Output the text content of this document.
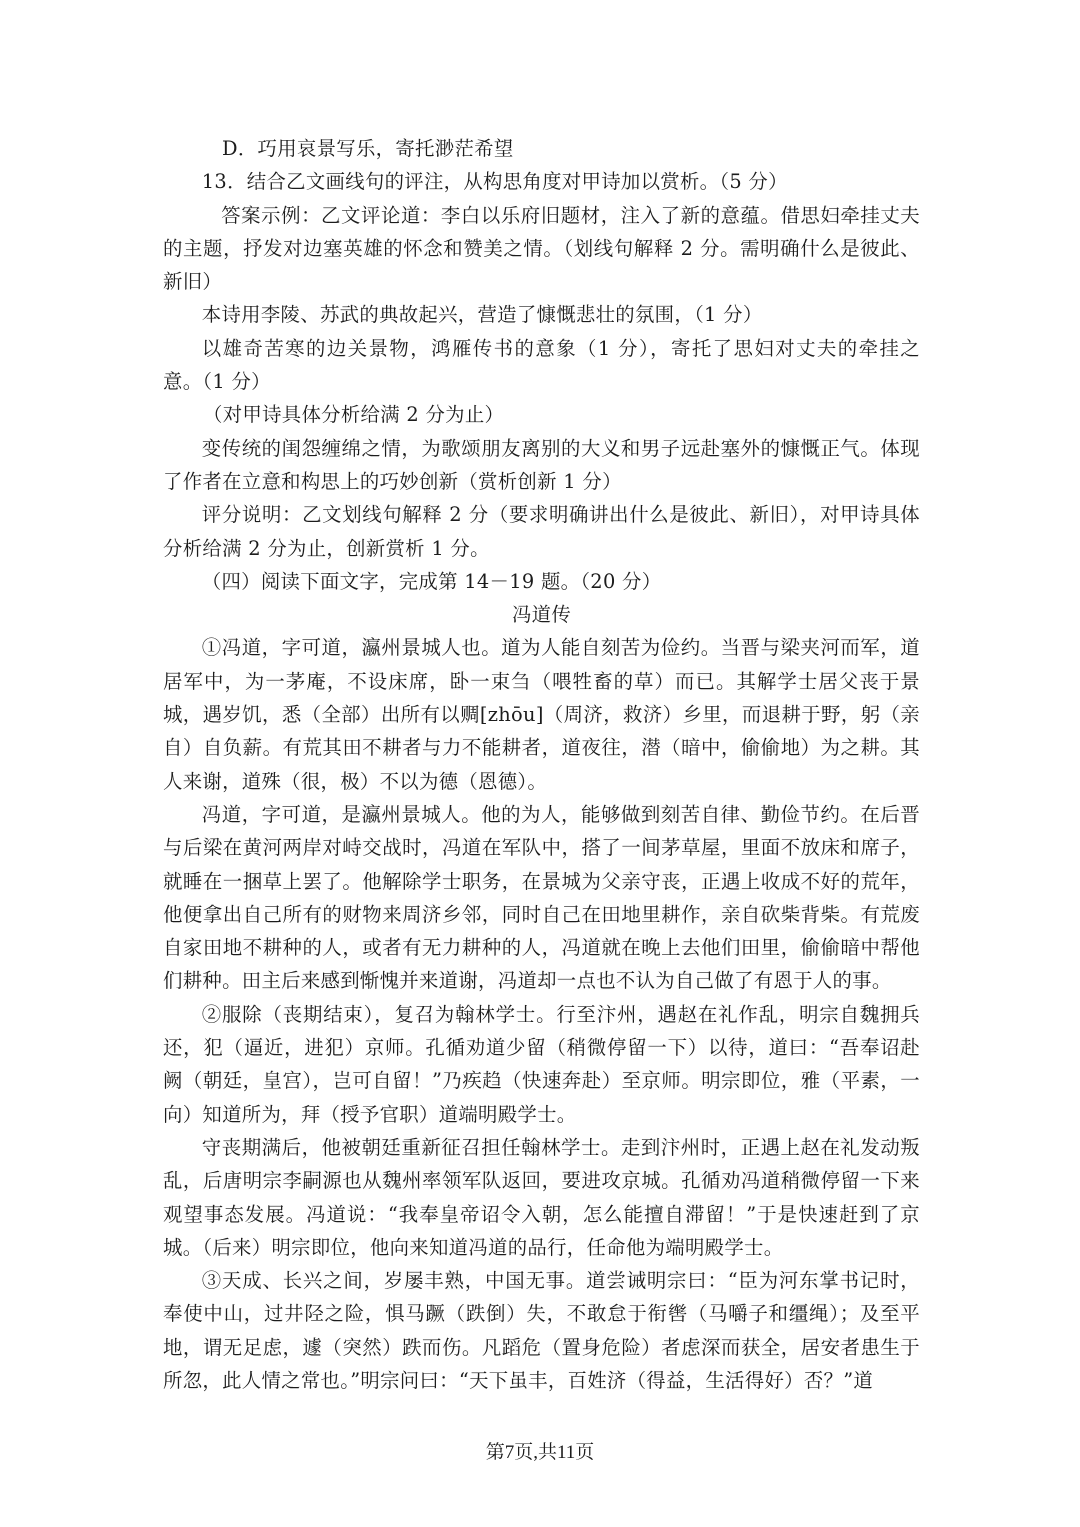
D．巧用哀景写乐，寄托渺茫希望

13．结合乙文画线句的评注，从构思角度对甲诗加以赏析。（5 分）

答案示例：乙文评论道：李白以乐府旧题材，注入了新的意蕴。借思妇牵挂丈夫的主题，抒发对边塞英雄的怀念和赞美之情。（划线句解释 2 分。需明确什么是彼此、新旧）

本诗用李陵、苏武的典故起兴，营造了慷慨悲壮的氛围，（1 分）

以雄奇苦寒的边关景物，鸿雁传书的意象（1 分），寄托了思妇对丈夫的牵挂之意。（1 分）

（对甲诗具体分析给满 2 分为止）

变传统的闺怨缠绵之情，为歌颂朋友离别的大义和男子远赴塞外的慷慨正气。体现了作者在立意和构思上的巧妙创新（赏析创新 1 分）

评分说明：乙文划线句解释 2 分（要求明确讲出什么是彼此、新旧），对甲诗具体分析给满 2 分为止，创新赏析 1 分。

（四）阅读下面文字，完成第 14－19 题。（20 分）

冯道传

①冯道，字可道，瀛州景城人也。道为人能自刻苦为俭约。当晋与梁夹河而军，道居军中，为一茅庵，不设床席，卧一束刍（喂牲畜的草）而已。其解学士居父丧于景城，遇岁饥，悉（全部）出所有以赒[zhōu]（周济，救济）乡里，而退耕于野，躬（亲自）自负薪。有荒其田不耕者与力不能耕者，道夜往，潜（暗中，偷偷地）为之耕。其人来谢，道殊（很，极）不以为德（恩德）。

冯道，字可道，是瀛州景城人。他的为人，能够做到刻苦自律、勤俭节约。在后晋与后梁在黄河两岸对峙交战时，冯道在军队中，搭了一间茅草屋，里面不放床和席子，就睡在一捆草上罢了。他解除学士职务，在景城为父亲守丧，正遇上收成不好的荒年，他便拿出自己所有的财物来周济乡邻，同时自己在田地里耕作，亲自砍柴背柴。有荒废自家田地不耕种的人，或者有无力耕种的人，冯道就在晚上去他们田里，偷偷暗中帮他们耕种。田主后来感到惭愧并来道谢，冯道却一点也不认为自己做了有恩于人的事。

②服除（丧期结束），复召为翰林学士。行至汴州，遇赵在礼作乱，明宗自魏拥兵还，犯（逼近，进犯）京师。孔循劝道少留（稍微停留一下）以待，道曰：“吾奉诏赴阙（朝廷，皇宫），岂可自留！”乃疾趋（快速奔赴）至京师。明宗即位，雅（平素，一向）知道所为，拜（授予官职）道端明殿学士。

守丧期满后，他被朝廷重新征召担任翰林学士。走到汴州时，正遇上赵在礼发动叛乱，后唐明宗李嗣源也从魏州率领军队返回，要进攻京城。孔循劝冯道稍微停留一下来观望事态发展。冯道说：“我奉皇帝诏令入朝，怎么能擅自滞留！”于是快速赶到了京城。（后来）明宗即位，他向来知道冯道的品行，任命他为端明殿学士。

③天成、长兴之间，岁屡丰熟，中国无事。道尝诫明宗曰：“臣为河东掌书记时，奉使中山，过井陉之险，惧马蹶（跌倒）失，不敢怠于衔辔（马嚼子和缰绳）；及至平地，谓无足虑，遽（突然）跌而伤。凡蹈危（置身危险）者虑深而获全，居安者患生于所忽，此人情之常也。”明宗问曰：“天下虽丰，百姓济（得益，生活得好）否？”道

第7页,共11页
